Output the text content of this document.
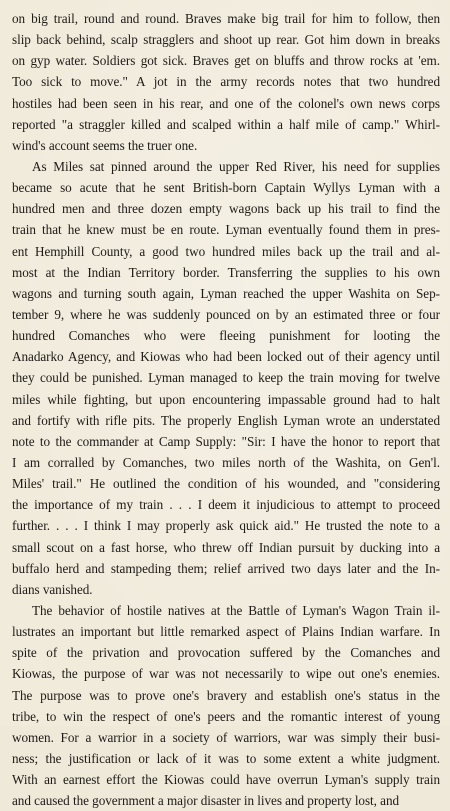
on big trail, round and round. Braves make big trail for him to follow, then
slip back behind, scalp stragglers and shoot up rear. Got him down in breaks
on gyp water. Soldiers got sick. Braves get on bluffs and throw rocks at 'em.
Too sick to move." A jot in the army records notes that two hundred
hostiles had been seen in his rear, and one of the colonel's own news corps
reported "a straggler killed and scalped within a half mile of camp." Whirl-
wind's account seems the truer one.
As Miles sat pinned around the upper Red River, his need for supplies
became so acute that he sent British-born Captain Wyllys Lyman with a
hundred men and three dozen empty wagons back up his trail to find the
train that he knew must be en route. Lyman eventually found them in pres-
ent Hemphill County, a good two hundred miles back up the trail and al-
most at the Indian Territory border. Transferring the supplies to his own
wagons and turning south again, Lyman reached the upper Washita on Sep-
tember 9, where he was suddenly pounced on by an estimated three or four
hundred Comanches who were fleeing punishment for looting the
Anadarko Agency, and Kiowas who had been locked out of their agency until
they could be punished. Lyman managed to keep the train moving for twelve
miles while fighting, but upon encountering impassable ground had to halt
and fortify with rifle pits. The properly English Lyman wrote an understated
note to the commander at Camp Supply: "Sir: I have the honor to report that
I am corralled by Comanches, two miles north of the Washita, on Gen'l.
Miles' trail." He outlined the condition of his wounded, and "considering
the importance of my train . . . I deem it injudicious to attempt to proceed
further. . . . I think I may properly ask quick aid." He trusted the note to a
small scout on a fast horse, who threw off Indian pursuit by ducking into a
buffalo herd and stampeding them; relief arrived two days later and the In-
dians vanished.
The behavior of hostile natives at the Battle of Lyman's Wagon Train il-
lustrates an important but little remarked aspect of Plains Indian warfare. In
spite of the privation and provocation suffered by the Comanches and
Kiowas, the purpose of war was not necessarily to wipe out one's enemies.
The purpose was to prove one's bravery and establish one's status in the
tribe, to win the respect of one's peers and the romantic interest of young
women. For a warrior in a society of warriors, war was simply their busi-
ness; the justification or lack of it was to some extent a white judgment.
With an earnest effort the Kiowas could have overrun Lyman's supply train
and caused the government a major disaster in lives and property lost, and
